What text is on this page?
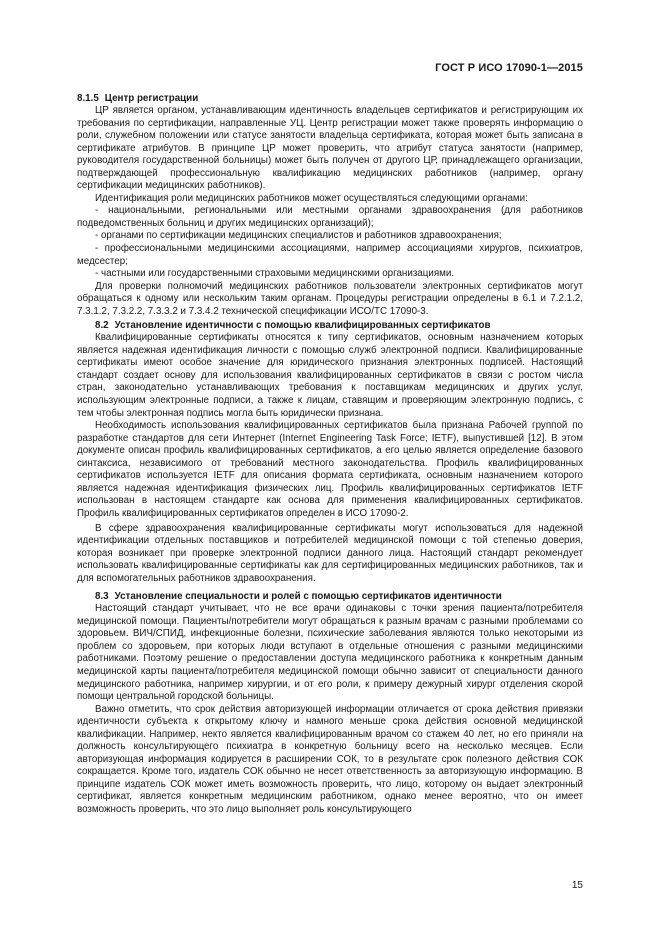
ГОСТ Р ИСО 17090-1—2015
8.1.5 Центр регистрации

ЦР является органом, устанавливающим идентичность владельцев сертификатов и регистрирующим их требования по сертификации, направленные УЦ. Центр регистрации может также проверять информацию о роли, служебном положении или статусе занятости владельца сертификата, которая может быть записана в сертификате атрибутов. В принципе ЦР может проверить, что атрибут статуса занятости (например, руководителя государственной больницы) может быть получен от другого ЦР, принадлежащего организации, подтверждающей профессиональную квалификацию медицинских работников (например, органу сертификации медицинских работников).

Идентификация роли медицинских работников может осуществляться следующими органами:

- национальными, региональными или местными органами здравоохранения (для работников подведомственных больниц и других медицинских организаций);

- органами по сертификации медицинских специалистов и работников здравоохранения;

- профессиональными медицинскими ассоциациями, например ассоциациями хирургов, психиатров, медсестер;

- частными или государственными страховыми медицинскими организациями.

Для проверки полномочий медицинских работников пользователи электронных сертификатов могут обращаться к одному или нескольким таким органам. Процедуры регистрации определены в 6.1 и 7.2.1.2, 7.3.1.2, 7.3.2.2, 7.3.3.2 и 7.3.4.2 технической спецификации ИСО/ТС 17090-3.

8.2 Установление идентичности с помощью квалифицированных сертификатов

Квалифицированные сертификаты относятся к типу сертификатов, основным назначением которых является надежная идентификация личности с помощью служб электронной подписи. Квалифицированные сертификаты имеют особое значение для юридического признания электронных подписей. Настоящий стандарт создает основу для использования квалифицированных сертификатов в связи с ростом числа стран, законодательно устанавливающих требования к поставщикам медицинских и других услуг, использующим электронные подписи, а также к лицам, ставящим и проверяющим электронную подпись, с тем чтобы электронная подпись могла быть юридически признана.

Необходимость использования квалифицированных сертификатов была признана Рабочей группой по разработке стандартов для сети Интернет (Internet Engineering Task Force; IETF), выпустившей [12]. В этом документе описан профиль квалифицированных сертификатов, а его целью является определение базового синтаксиса, независимого от требований местного законодательства. Профиль квалифицированных сертификатов используется IETF для описания формата сертификата, основным назначением которого является надежная идентификация физических лиц. Профиль квалифицированных сертификатов IETF использован в настоящем стандарте как основа для применения квалифицированных сертификатов. Профиль квалифицированных сертификатов определен в ИСО 17090-2.

В сфере здравоохранения квалифицированные сертификаты могут использоваться для надежной идентификации отдельных поставщиков и потребителей медицинской помощи с той степенью доверия, которая возникает при проверке электронной подписи данного лица. Настоящий стандарт рекомендует использовать квалифицированные сертификаты как для сертифицированных медицинских работников, так и для вспомогательных работников здравоохранения.

8.3 Установление специальности и ролей с помощью сертификатов идентичности

Настоящий стандарт учитывает, что не все врачи одинаковы с точки зрения пациента/потребителя медицинской помощи. Пациенты/потребители могут обращаться к разным врачам с разными проблемами со здоровьем. ВИЧ/СПИД, инфекционные болезни, психические заболевания являются только некоторыми из проблем со здоровьем, при которых люди вступают в отдельные отношения с разными медицинскими работниками. Поэтому решение о предоставлении доступа медицинского работника к конкретным данным медицинской карты пациента/потребителя медицинской помощи обычно зависит от специальности данного медицинского работника, например хирургии, и от его роли, к примеру дежурный хирург отделения скорой помощи центральной городской больницы.

Важно отметить, что срок действия авторизующей информации отличается от срока действия привязки идентичности субъекта к открытому ключу и намного меньше срока действия основной медицинской квалификации. Например, некто является квалифицированным врачом со стажем 40 лет, но его приняли на должность консультирующего психиатра в конкретную больницу всего на несколько месяцев. Если авторизующая информация кодируется в расширении СОК, то в результате срок полезного действия СОК сокращается. Кроме того, издатель СОК обычно не несет ответственность за авторизующую информацию. В принципе издатель СОК может иметь возможность проверить, что лицо, которому он выдает электронный сертификат, является конкретным медицинским работником, однако менее вероятно, что он имеет возможность проверить, что это лицо выполняет роль консультирующего

15
